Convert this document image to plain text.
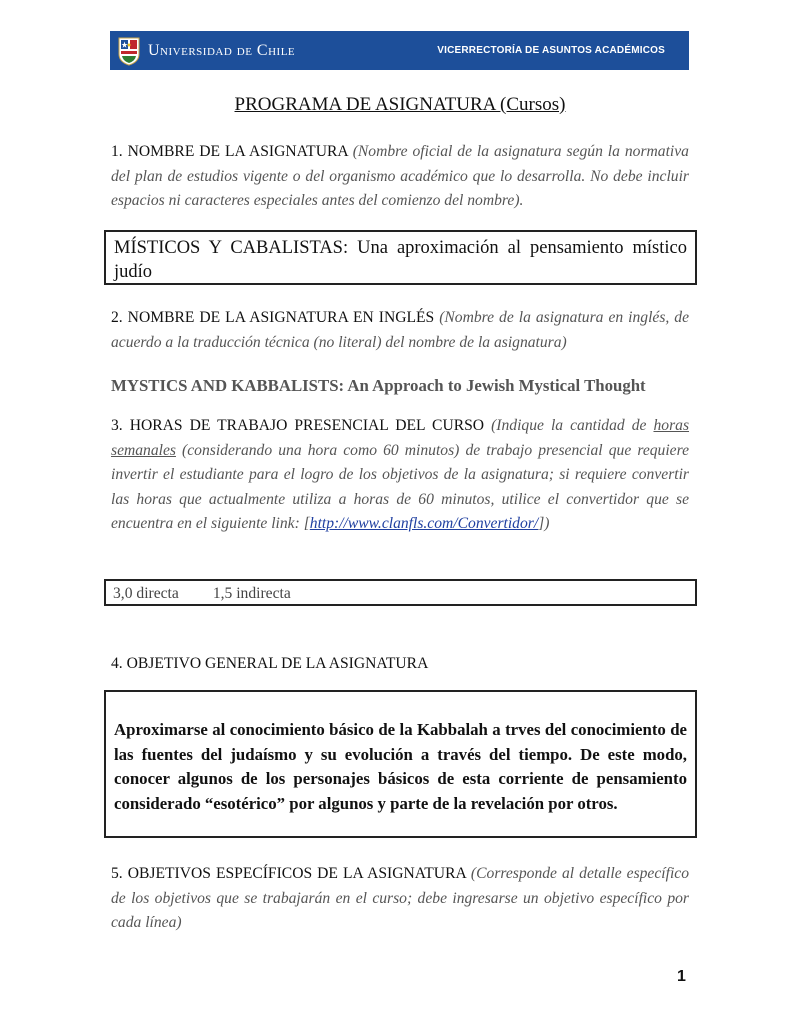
Universidad de Chile	VICERRECTORÍA DE ASUNTOS ACADÉMICOS
PROGRAMA DE ASIGNATURA (Cursos)
1. NOMBRE DE LA ASIGNATURA (Nombre oficial de la asignatura según la normativa del plan de estudios vigente o del organismo académico que lo desarrolla. No debe incluir espacios ni caracteres especiales antes del comienzo del nombre).
MÍSTICOS Y CABALISTAS: Una aproximación al pensamiento místico judío
2. NOMBRE DE LA ASIGNATURA EN INGLÉS (Nombre de la asignatura en inglés, de acuerdo a la traducción técnica (no literal) del nombre de la asignatura)
MYSTICS AND KABBALISTS: An Approach to Jewish Mystical Thought
3. HORAS DE TRABAJO PRESENCIAL DEL CURSO (Indique la cantidad de horas semanales (considerando una hora como 60 minutos) de trabajo presencial que requiere invertir el estudiante para el logro de los objetivos de la asignatura; si requiere convertir las horas que actualmente utiliza a horas de 60 minutos, utilice el convertidor que se encuentra en el siguiente link: [http://www.clanfls.com/Convertidor/])
3,0 directa 1,5 indirecta
4. OBJETIVO GENERAL DE LA ASIGNATURA
Aproximarse al conocimiento básico de la Kabbalah a trves del conocimiento de las fuentes del judaísmo y su evolución a través del tiempo. De este modo, conocer algunos de los personajes básicos de esta corriente de pensamiento considerado “esotérico” por algunos y parte de la revelación por otros.
5. OBJETIVOS ESPECÍFICOS DE LA ASIGNATURA (Corresponde al detalle específico de los objetivos que se trabajarán en el curso; debe ingresarse un objetivo específico por cada línea)
1
